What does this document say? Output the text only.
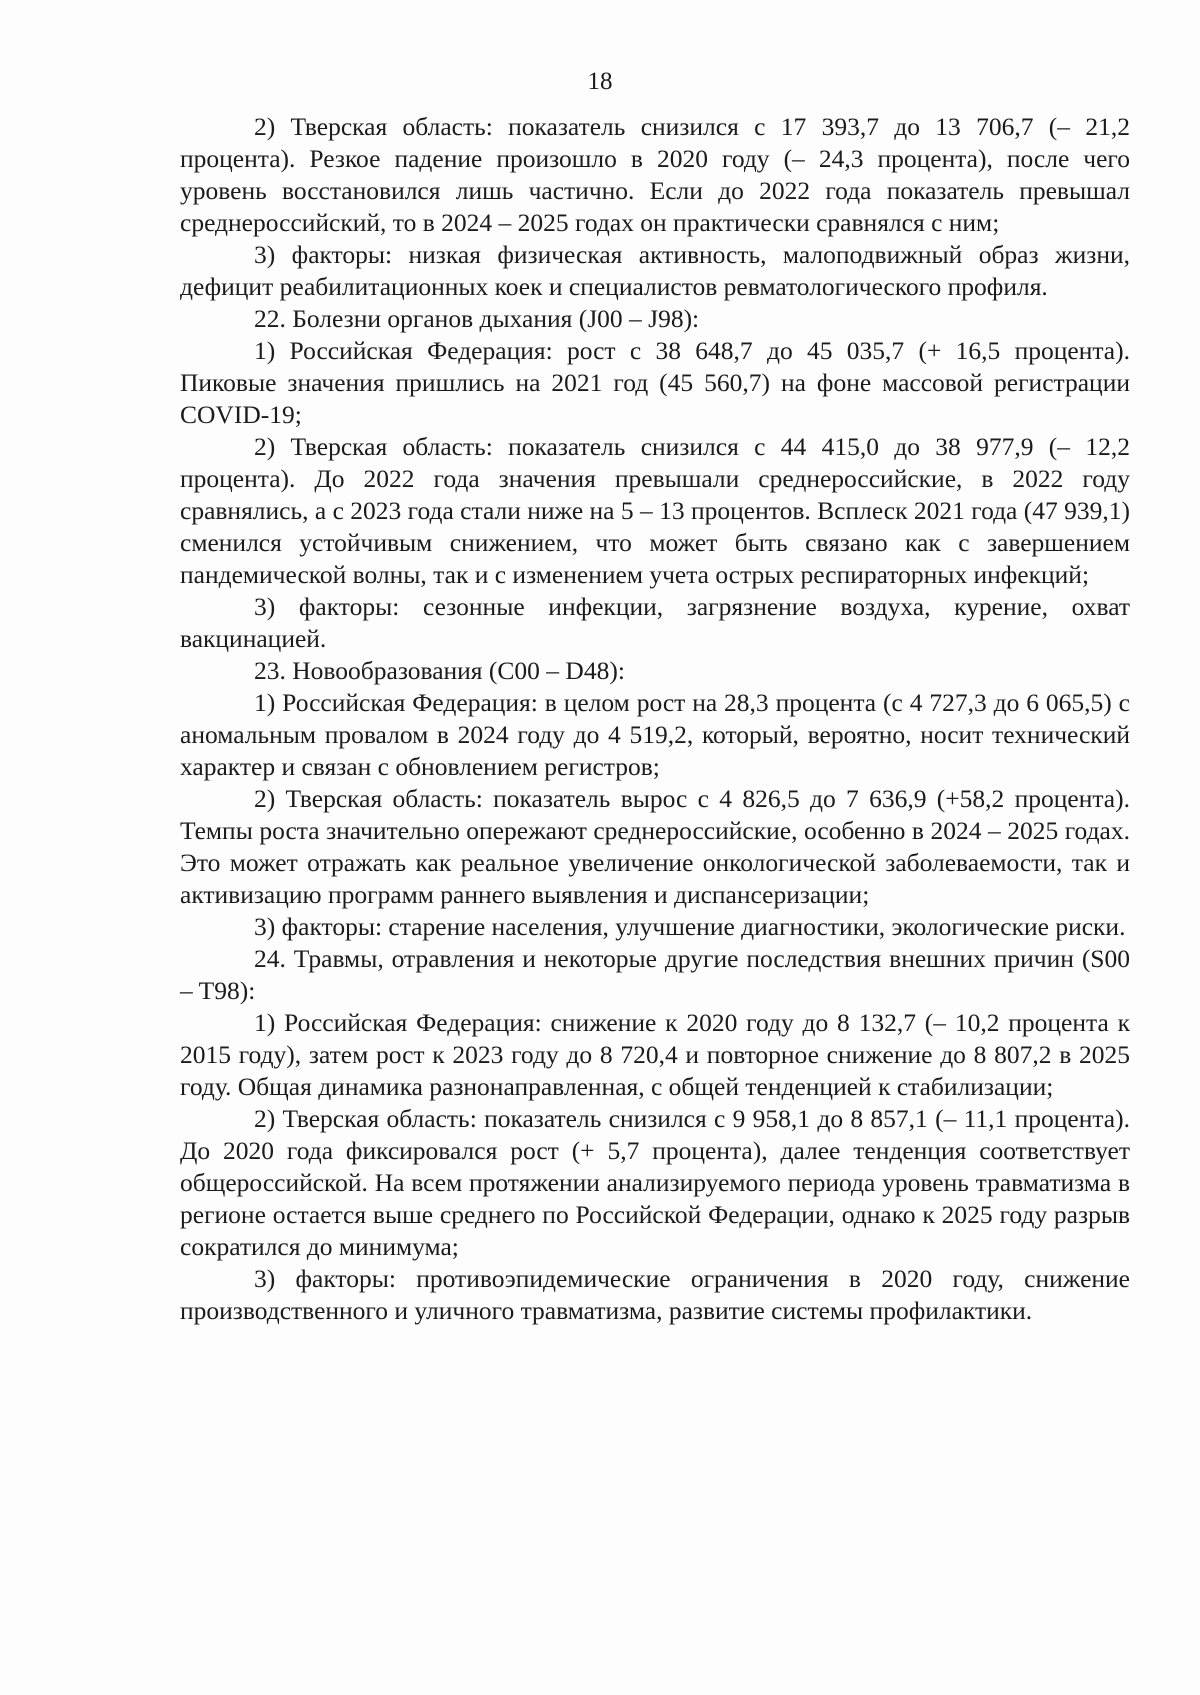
18

2) Тверская область: показатель снизился с 17 393,7 до 13 706,7 (– 21,2 процента). Резкое падение произошло в 2020 году (– 24,3 процента), после чего уровень восстановился лишь частично. Если до 2022 года показатель превышал среднероссийский, то в 2024 – 2025 годах он практически сравнялся с ним;

3) факторы: низкая физическая активность, малоподвижный образ жизни, дефицит реабилитационных коек и специалистов ревматологического профиля.

22. Болезни органов дыхания (J00 – J98):

1) Российская Федерация: рост с 38 648,7 до 45 035,7 (+ 16,5 процента). Пиковые значения пришлись на 2021 год (45 560,7) на фоне массовой регистрации COVID-19;

2) Тверская область: показатель снизился с 44 415,0 до 38 977,9 (– 12,2 процента). До 2022 года значения превышали среднероссийские, в 2022 году сравнялись, а с 2023 года стали ниже на 5 – 13 процентов. Всплеск 2021 года (47 939,1) сменился устойчивым снижением, что может быть связано как с завершением пандемической волны, так и с изменением учета острых респираторных инфекций;

3) факторы: сезонные инфекции, загрязнение воздуха, курение, охват вакцинацией.

23. Новообразования (C00 – D48):

1) Российская Федерация: в целом рост на 28,3 процента (с 4 727,3 до 6 065,5) с аномальным провалом в 2024 году до 4 519,2, который, вероятно, носит технический характер и связан с обновлением регистров;

2) Тверская область: показатель вырос с 4 826,5 до 7 636,9 (+58,2 процента). Темпы роста значительно опережают среднероссийские, особенно в 2024 – 2025 годах. Это может отражать как реальное увеличение онкологической заболеваемости, так и активизацию программ раннего выявления и диспансеризации;

3) факторы: старение населения, улучшение диагностики, экологические риски.

24. Травмы, отравления и некоторые другие последствия внешних причин (S00 – T98):

1) Российская Федерация: снижение к 2020 году до 8 132,7 (– 10,2 процента к 2015 году), затем рост к 2023 году до 8 720,4 и повторное снижение до 8 807,2 в 2025 году. Общая динамика разнонаправленная, с общей тенденцией к стабилизации;

2) Тверская область: показатель снизился с 9 958,1 до 8 857,1 (– 11,1 процента). До 2020 года фиксировался рост (+ 5,7 процента), далее тенденция соответствует общероссийской. На всем протяжении анализируемого периода уровень травматизма в регионе остается выше среднего по Российской Федерации, однако к 2025 году разрыв сократился до минимума;

3) факторы: противоэпидемические ограничения в 2020 году, снижение производственного и уличного травматизма, развитие системы профилактики.
